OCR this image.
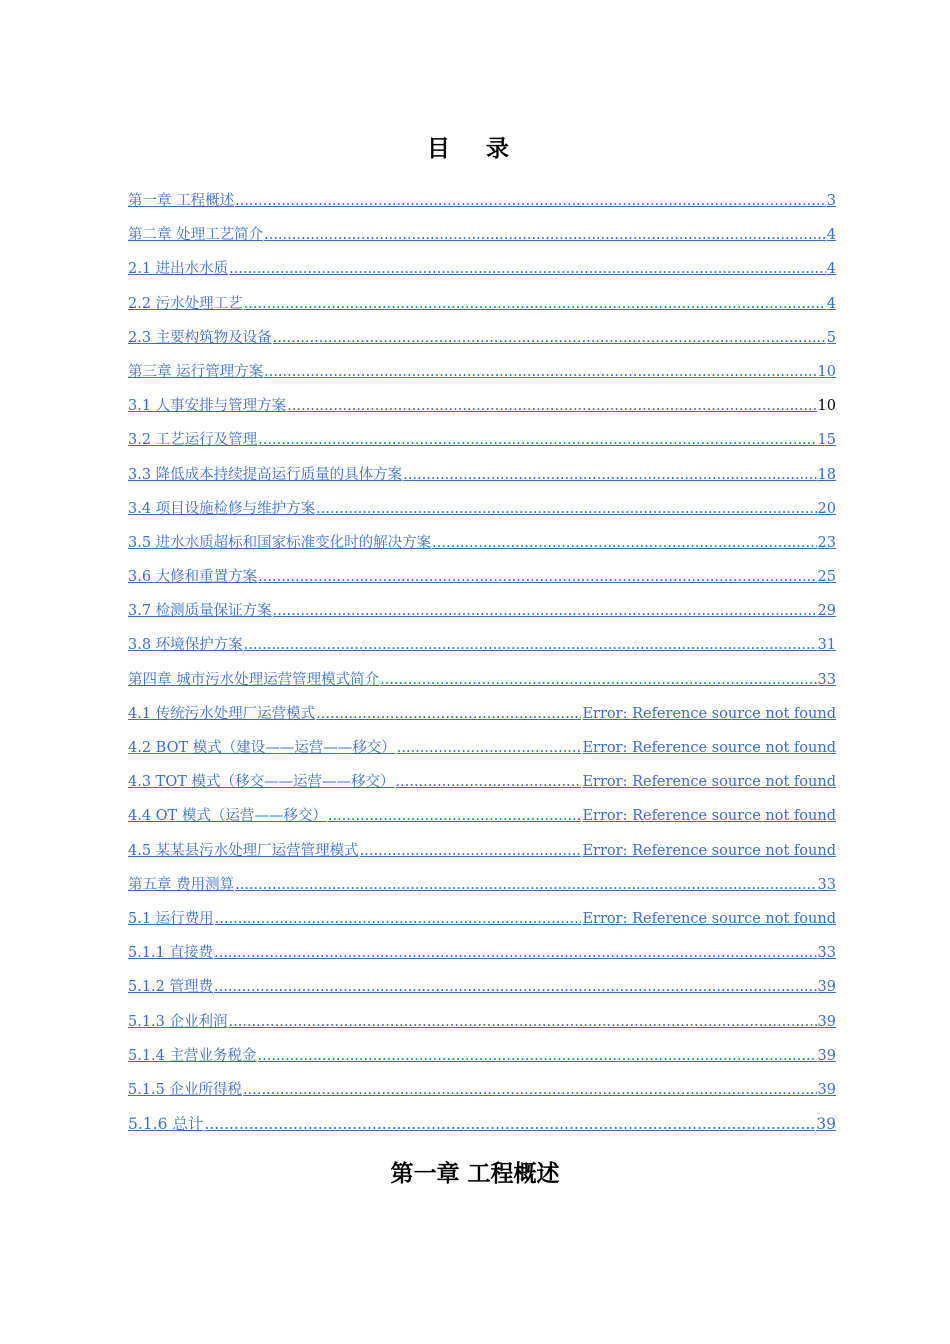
目 录
第一章 工程概述 .....	3
第二章 处理工艺简介 .....	4
2.1 进出水水质 .....	4
2.2 污水处理工艺 .....	4
2.3 主要构筑物及设备 .....	5
第三章 运行管理方案 .....	10
3.1 人事安排与管理方案 .....	10
3.2 工艺运行及管理 .....	15
3.3 降低成本持续提高运行质量的具体方案 .....	18
3.4 项目设施检修与维护方案 .....	20
3.5 进水水质超标和国家标准变化时的解决方案 .....	23
3.6 大修和重置方案 .....	25
3.7 检测质量保证方案 .....	29
3.8 环境保护方案 .....	31
第四章 城市污水处理运营管理模式简介 .....	33
4.1 传统污水处理厂运营模式 .....	Error: Reference source not found
4.2 BOT 模式（建设——运营——移交） .....	Error: Reference source not found
4.3 TOT 模式（移交——运营——移交） .....	Error: Reference source not found
4.4 OT 模式（运营——移交） .....	Error: Reference source not found
4.5 某某县污水处理厂运营管理模式 .....	Error: Reference source not found
第五章 费用测算 .....	33
5.1 运行费用 .....	Error: Reference source not found
5.1.1 直接费 .....	33
5.1.2 管理费 .....	39
5.1.3 企业利润 .....	39
5.1.4 主营业务税金 .....	39
5.1.5 企业所得税 .....	39
5.1.6 总计 .....	39
第一章 工程概述
